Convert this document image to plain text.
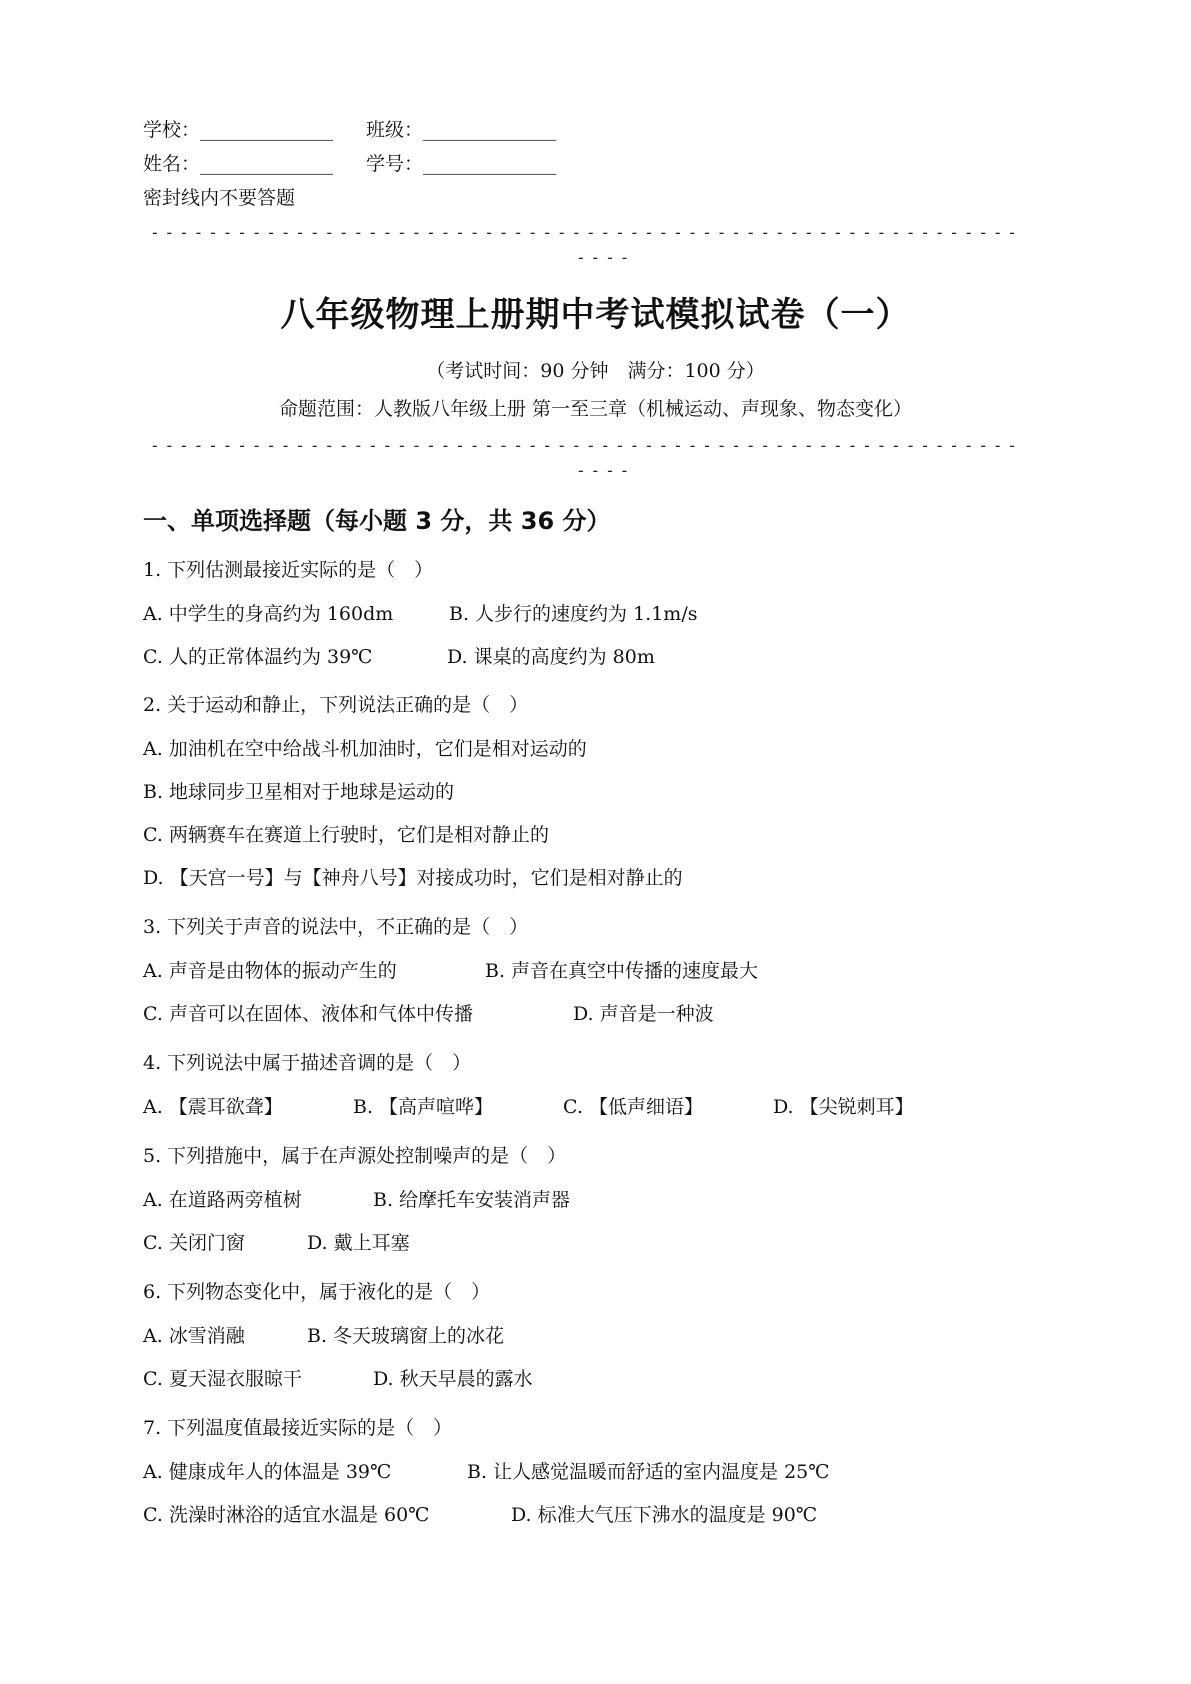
学校：______________ 班级：______________
姓名：______________ 学号：______________
密封线内不要答题
------------------------------------------------------------
----
八年级物理上册期中考试模拟试卷（一）
（考试时间：90 分钟　满分：100 分）
命题范围：人教版八年级上册 第一至三章（机械运动、声现象、物态变化）
------------------------------------------------------------
----
一、单项选择题（每小题 3 分，共 36 分）
1. 下列估测最接近实际的是（　）
A. 中学生的身高约为 160dm	B. 人步行的速度约为 1.1m/s
C. 人的正常体温约为 39℃	D. 课桌的高度约为 80m
2. 关于运动和静止，下列说法正确的是（　）
A. 加油机在空中给战斗机加油时，它们是相对运动的
B. 地球同步卫星相对于地球是运动的
C. 两辆赛车在赛道上行驶时，它们是相对静止的
D. 【天宫一号】与【神舟八号】对接成功时，它们是相对静止的
3. 下列关于声音的说法中，不正确的是（　）
A. 声音是由物体的振动产生的	B. 声音在真空中传播的速度最大
C. 声音可以在固体、液体和气体中传播	D. 声音是一种波
4. 下列说法中属于描述音调的是（　）
A. 【震耳欲聋】	B. 【高声喧哗】	C. 【低声细语】	D. 【尖锐刺耳】
5. 下列措施中，属于在声源处控制噪声的是（　）
A. 在道路两旁植树	B. 给摩托车安装消声器
C. 关闭门窗	D. 戴上耳塞
6. 下列物态变化中，属于液化的是（　）
A. 冰雪消融	B. 冬天玻璃窗上的冰花
C. 夏天湿衣服晾干	D. 秋天早晨的露水
7. 下列温度值最接近实际的是（　）
A. 健康成年人的体温是 39℃	B. 让人感觉温暖而舒适的室内温度是 25℃
C. 洗澡时淋浴的适宜水温是 60℃	D. 标准大气压下沸水的温度是 90℃
